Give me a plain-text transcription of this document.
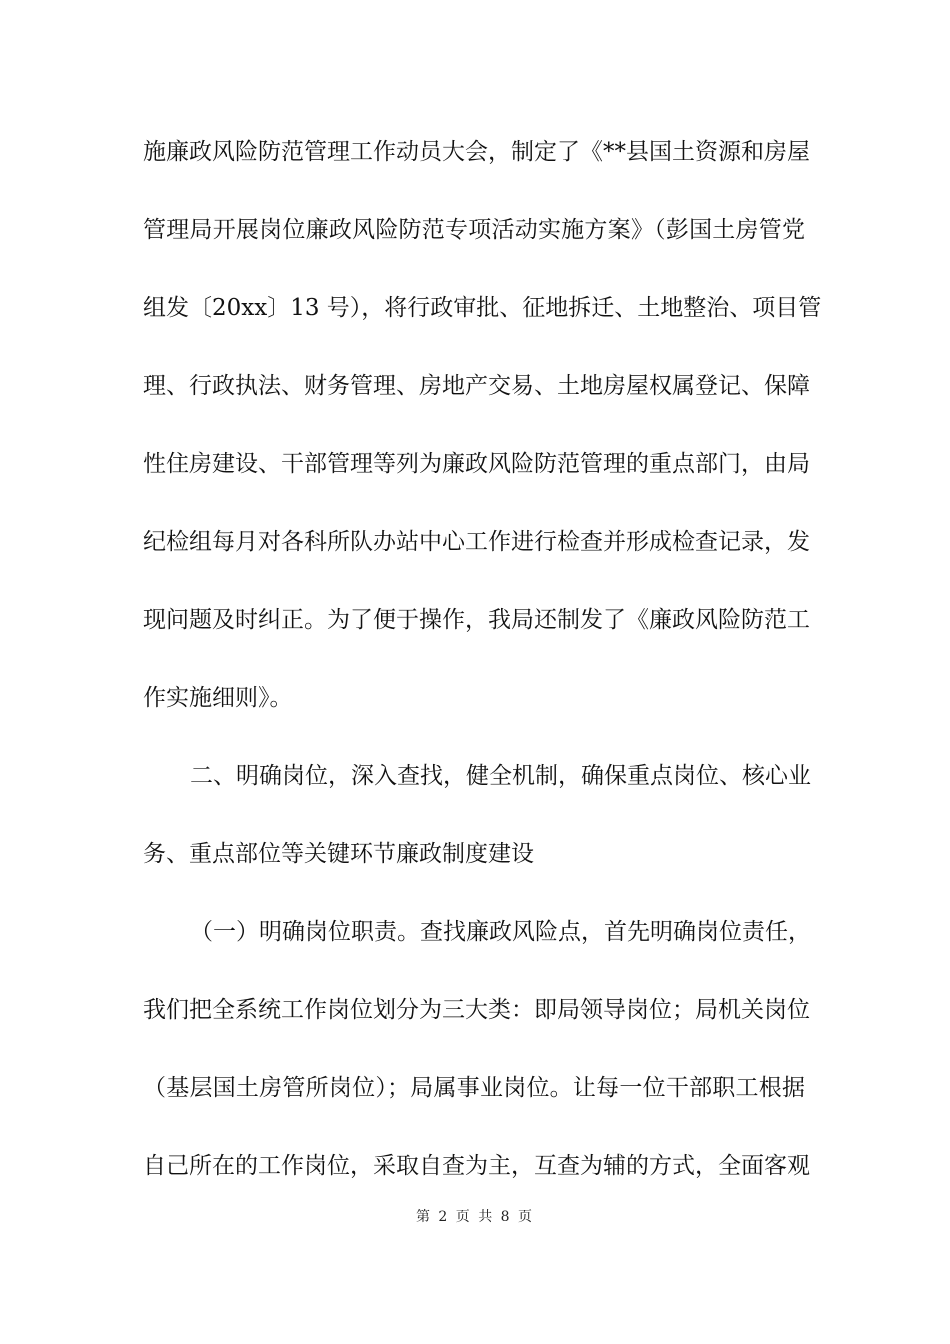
施廉政风险防范管理工作动员大会，制定了《**县国土资源和房屋
管理局开展岗位廉政风险防范专项活动实施方案》（彭国土房管党
组发〔20xx〕13 号），将行政审批、征地拆迁、土地整治、项目管
理、行政执法、财务管理、房地产交易、土地房屋权属登记、保障
性住房建设、干部管理等列为廉政风险防范管理的重点部门，由局
纪检组每月对各科所队办站中心工作进行检查并形成检查记录，发
现问题及时纠正。为了便于操作，我局还制发了《廉政风险防范工
作实施细则》。
二、明确岗位，深入查找，健全机制，确保重点岗位、核心业
务、重点部位等关键环节廉政制度建设
（一）明确岗位职责。查找廉政风险点，首先明确岗位责任，
我们把全系统工作岗位划分为三大类：即局领导岗位；局机关岗位
（基层国土房管所岗位）；局属事业岗位。让每一位干部职工根据
自己所在的工作岗位，采取自查为主，互查为辅的方式，全面客观
第 2 页 共 8 页
